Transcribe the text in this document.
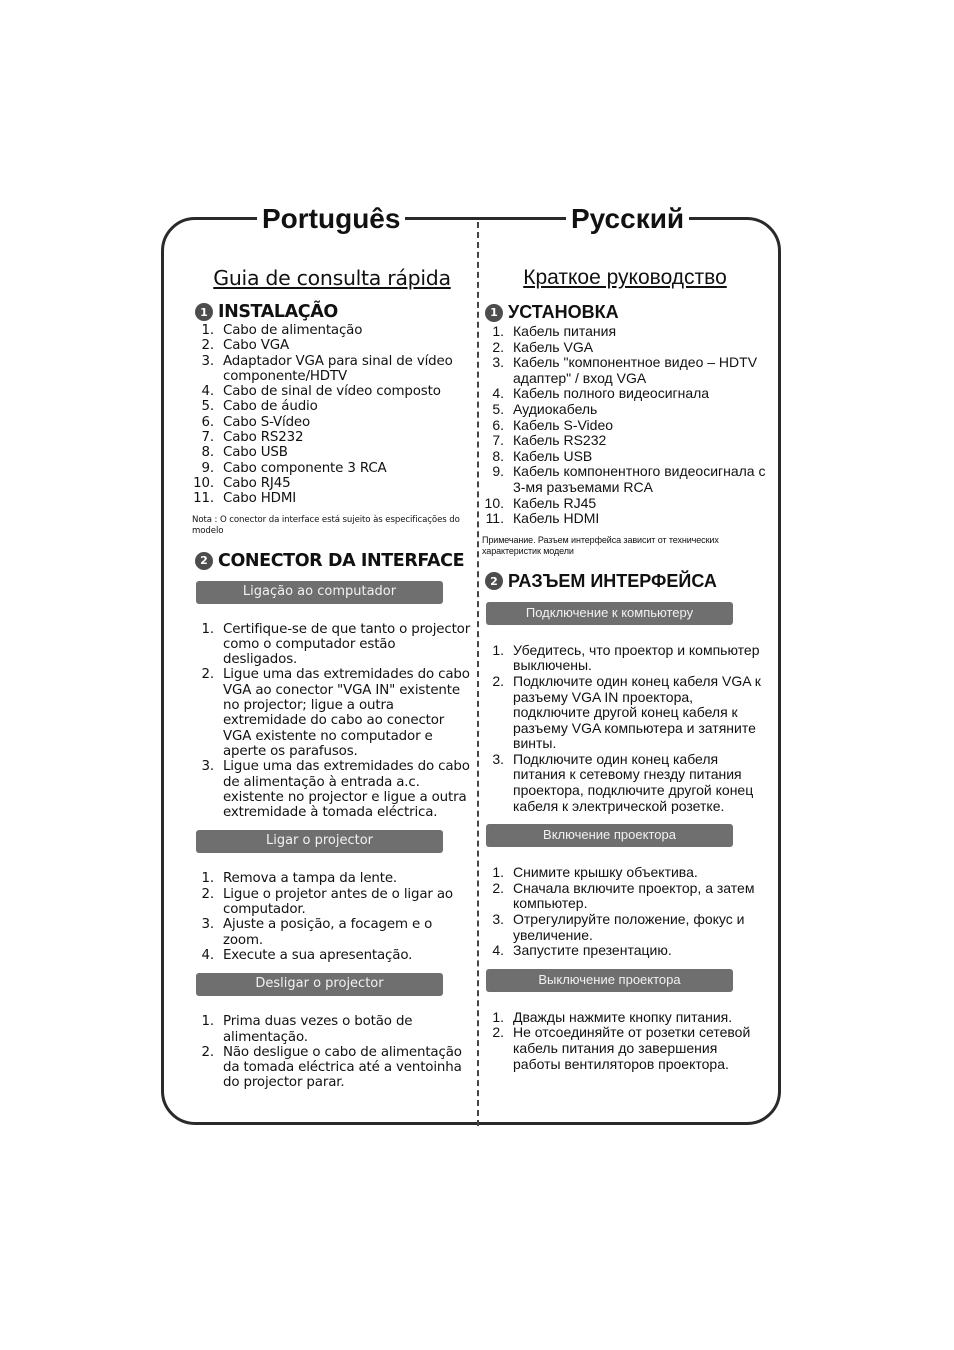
Português	Русский
Guia de consulta rápida
1 INSTALAÇÃO
1. Cabo de alimentação
2. Cabo VGA
3. Adaptador VGA para sinal de vídeo componente/HDTV
4. Cabo de sinal de vídeo composto
5. Cabo de áudio
6. Cabo S-Vídeo
7. Cabo RS232
8. Cabo USB
9. Cabo componente 3 RCA
10. Cabo RJ45
11. Cabo HDMI
Nota : O conector da interface está sujeito às especificações do modelo
2 CONECTOR DA INTERFACE
Ligação ao computador
1. Certifique-se de que tanto o projector como o computador estão desligados.
2. Ligue uma das extremidades do cabo VGA ao conector "VGA IN" existente no projector; ligue a outra extremidade do cabo ao conector VGA existente no computador e aperte os parafusos.
3. Ligue uma das extremidades do cabo de alimentação à entrada a.c. existente no projector e ligue a outra extremidade à tomada eléctrica.
Ligar o projector
1. Remova a tampa da lente.
2. Ligue o projetor antes de o ligar ao computador.
3. Ajuste a posição, a focagem e o zoom.
4. Execute a sua apresentação.
Desligar o projector
1. Prima duas vezes o botão de alimentação.
2. Não desligue o cabo de alimentação da tomada eléctrica até a ventoinha do projector parar.
Краткое руководство
1 УСТАНОВКА
1. Кабель питания
2. Кабель VGA
3. Кабель "компонентное видео – HDTV адаптер" / вход VGA
4. Кабель полного видеосигнала
5. Аудиокабель
6. Кабель S-Video
7. Кабель RS232
8. Кабель USB
9. Кабель компонентного видеосигнала с 3-мя разъемами RCA
10. Кабель RJ45
11. Кабель HDMI
Примечание. Разъем интерфейса зависит от технических характеристик модели
2 РАЗЪЕМ ИНТЕРФЕЙСА
Подключение к компьютеру
1. Убедитесь, что проектор и компьютер выключены.
2. Подключите один конец кабеля VGA к разъему VGA IN проектора, подключите другой конец кабеля к разъему VGA компьютера и затяните винты.
3. Подключите один конец кабеля питания к сетевому гнезду питания проектора, подключите другой конец кабеля к электрической розетке.
Включение проектора
1. Снимите крышку объектива.
2. Сначала включите проектор, а затем компьютер.
3. Отрегулируйте положение, фокус и увеличение.
4. Запустите презентацию.
Выключение проектора
1. Дважды нажмите кнопку питания.
2. Не отсоединяйте от розетки сетевой кабель питания до завершения работы вентиляторов проектора.
